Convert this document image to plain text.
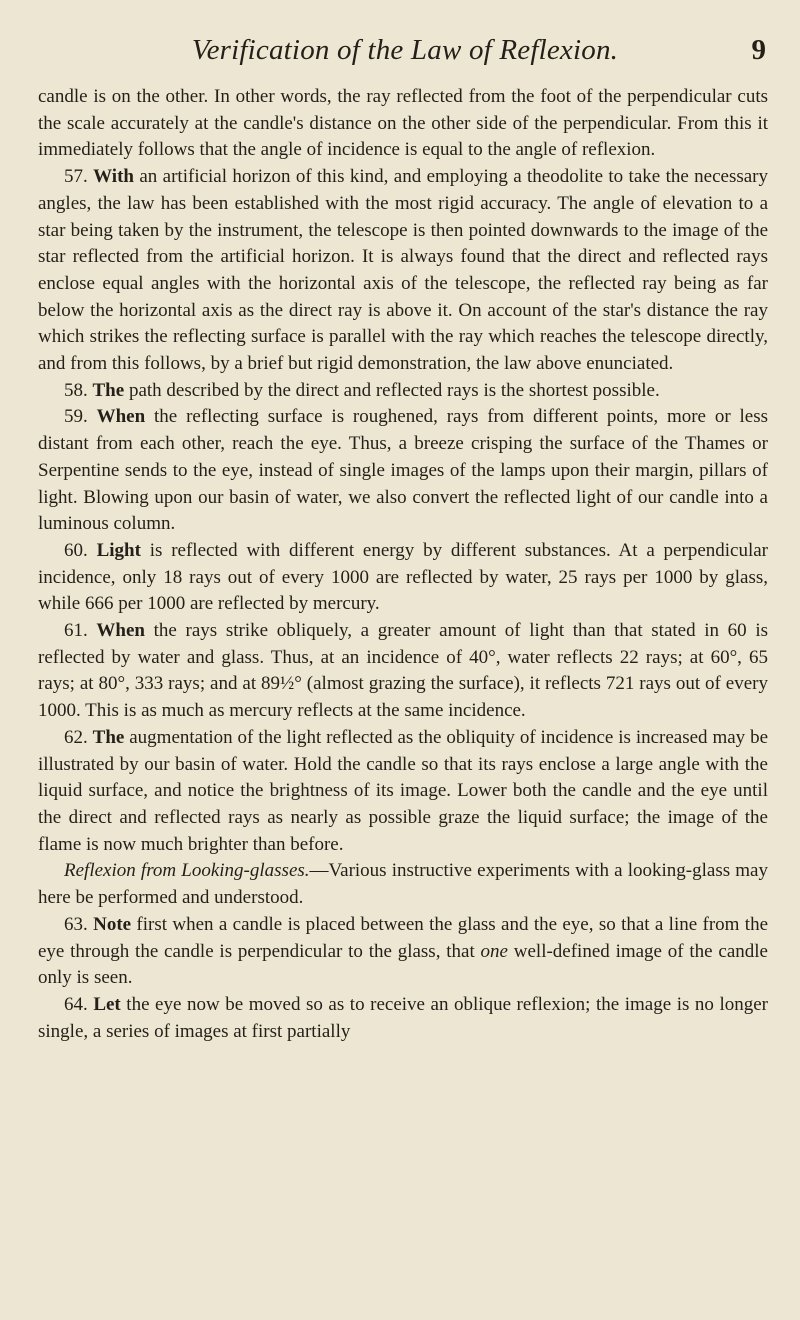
Verification of the Law of Reflexion.	9

candle is on the other. In other words, the ray reflected from the foot of the perpendicular cuts the scale accurately at the candle's distance on the other side of the perpendicular. From this it immediately follows that the angle of incidence is equal to the angle of reflexion.

57. With an artificial horizon of this kind, and employing a theodolite to take the necessary angles, the law has been established with the most rigid accuracy. The angle of elevation to a star being taken by the instrument, the telescope is then pointed downwards to the image of the star reflected from the artificial horizon. It is always found that the direct and reflected rays enclose equal angles with the horizontal axis of the telescope, the reflected ray being as far below the horizontal axis as the direct ray is above it. On account of the star's distance the ray which strikes the reflecting surface is parallel with the ray which reaches the telescope directly, and from this follows, by a brief but rigid demonstration, the law above enunciated.

58. The path described by the direct and reflected rays is the shortest possible.

59. When the reflecting surface is roughened, rays from different points, more or less distant from each other, reach the eye. Thus, a breeze crisping the surface of the Thames or Serpentine sends to the eye, instead of single images of the lamps upon their margin, pillars of light. Blowing upon our basin of water, we also convert the reflected light of our candle into a luminous column.

60. Light is reflected with different energy by different substances. At a perpendicular incidence, only 18 rays out of every 1000 are reflected by water, 25 rays per 1000 by glass, while 666 per 1000 are reflected by mercury.

61. When the rays strike obliquely, a greater amount of light than that stated in 60 is reflected by water and glass. Thus, at an incidence of 40°, water reflects 22 rays; at 60°, 65 rays; at 80°, 333 rays; and at 89½° (almost grazing the surface), it reflects 721 rays out of every 1000. This is as much as mercury reflects at the same incidence.

62. The augmentation of the light reflected as the obliquity of incidence is increased may be illustrated by our basin of water. Hold the candle so that its rays enclose a large angle with the liquid surface, and notice the brightness of its image. Lower both the candle and the eye until the direct and reflected rays as nearly as possible graze the liquid surface; the image of the flame is now much brighter than before.

Reflexion from Looking-glasses.—Various instructive experiments with a looking-glass may here be performed and understood.

63. Note first when a candle is placed between the glass and the eye, so that a line from the eye through the candle is perpendicular to the glass, that one well-defined image of the candle only is seen.

64. Let the eye now be moved so as to receive an oblique reflexion; the image is no longer single, a series of images at first partially
